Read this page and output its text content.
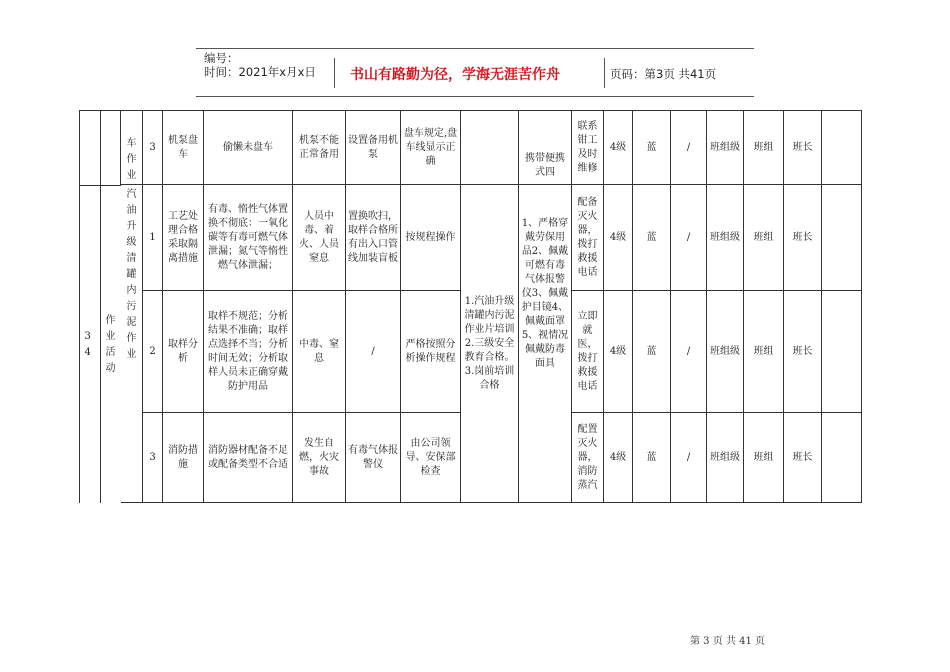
编号：
时间：2021年x月x日 书山有路勤为径，学海无涯苦作舟	页码：第3页 共41页
		车作业	3	机泵盘车	偷懒未盘车	机泵不能正常备用	设置备用机泵	盘车规定,盘车线显示正确		携带便携式四	联系钳工及时维修	4级	蓝	/	班组级	班组	班长	
		汽油升级清罐内污泥作业	1	工艺处理合格采取隔离措施	有毒、惰性气体置换不彻底：一氧化碳等有毒可燃气体泄漏；氮气等惰性燃气体泄漏；	人员中毒、着火、人员窒息	置换吹扫，取样合格所有出入口管线加装盲板	按规程操作	1.汽油升级清罐内污泥作业片培训2.三级安全教育合格。3.岗前培训合格	1、严格穿戴劳保用品2、佩戴可燃有毒气体报警仪3、佩戴护目镜4、佩戴面罩5、视情况佩戴防毒面具	配备灭火器，拨打救援电话	4级	蓝	/	班组级	班组	班长	
			2	取样分析	取样不规范；分析结果不准确；取样点选择不当；分析时间无效；分析取样人员未正确穿戴防护用品	中毒、窒息	/	严格按照分析操作规程			立即就医，拨打救援电话	4级	蓝	/	班组级	班组	班长	
			3	消防措施	消防器材配备不足或配备类型不合适	发生自燃，火灾事故	有毒气体报警仪	由公司领导、安保部检查			配置灭火器，消防蒸汽	4级	蓝	/	班组级	班组	班长	
34
作业活动
第 3 页 共 41 页
